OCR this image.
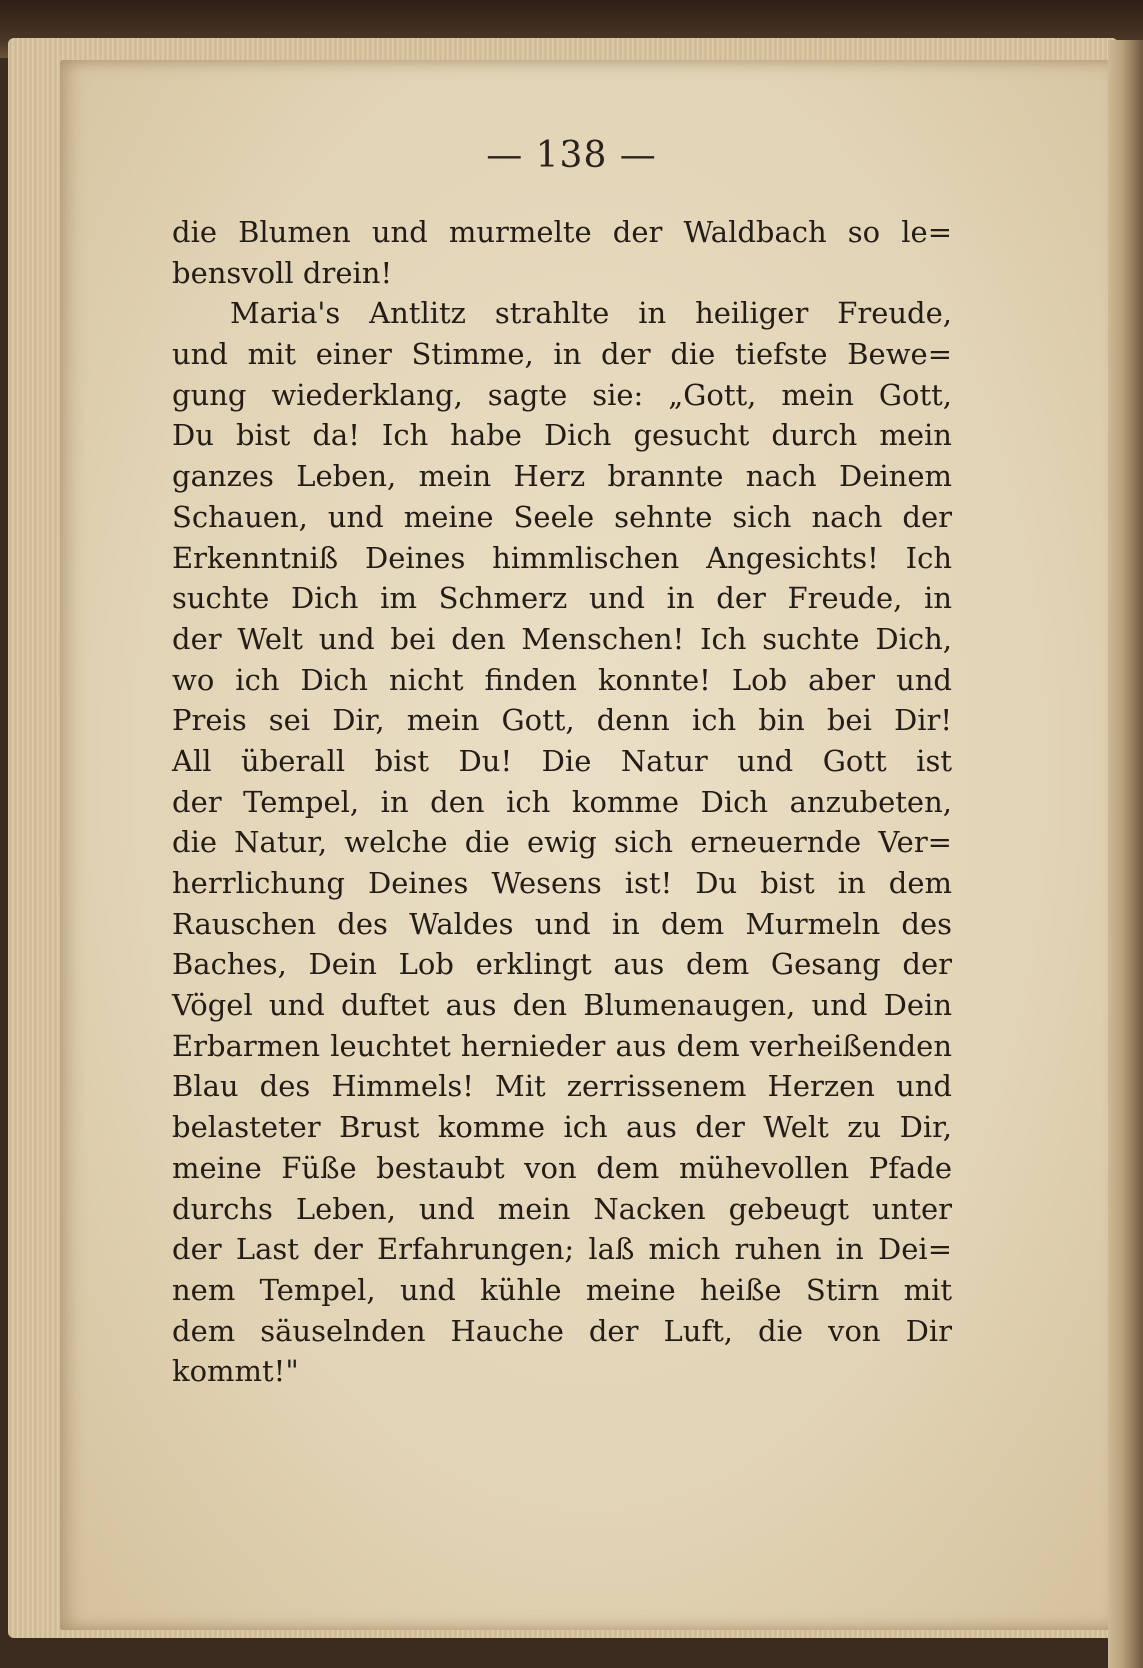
— 138 —
die Blumen und murmelte der Waldbach so le=
bensvoll drein!
Maria's Antlitz strahlte in heiliger Freude,
und mit einer Stimme, in der die tiefste Bewe=
gung wiederklang, sagte sie: „Gott, mein Gott,
Du bist da! Ich habe Dich gesucht durch mein
ganzes Leben, mein Herz brannte nach Deinem
Schauen, und meine Seele sehnte sich nach der
Erkenntniß Deines himmlischen Angesichts! Ich
suchte Dich im Schmerz und in der Freude, in
der Welt und bei den Menschen! Ich suchte Dich,
wo ich Dich nicht finden konnte! Lob aber und
Preis sei Dir, mein Gott, denn ich bin bei Dir!
All überall bist Du! Die Natur und Gott ist
der Tempel, in den ich komme Dich anzubeten,
die Natur, welche die ewig sich erneuernde Ver=
herrlichung Deines Wesens ist! Du bist in dem
Rauschen des Waldes und in dem Murmeln des
Baches, Dein Lob erklingt aus dem Gesang der
Vögel und duftet aus den Blumenaugen, und Dein
Erbarmen leuchtet hernieder aus dem verheißenden
Blau des Himmels! Mit zerrissenem Herzen und
belasteter Brust komme ich aus der Welt zu Dir,
meine Füße bestaubt von dem mühevollen Pfade
durchs Leben, und mein Nacken gebeugt unter
der Last der Erfahrungen; laß mich ruhen in Dei=
nem Tempel, und kühle meine heiße Stirn mit
dem säuselnden Hauche der Luft, die von Dir
kommt!"
